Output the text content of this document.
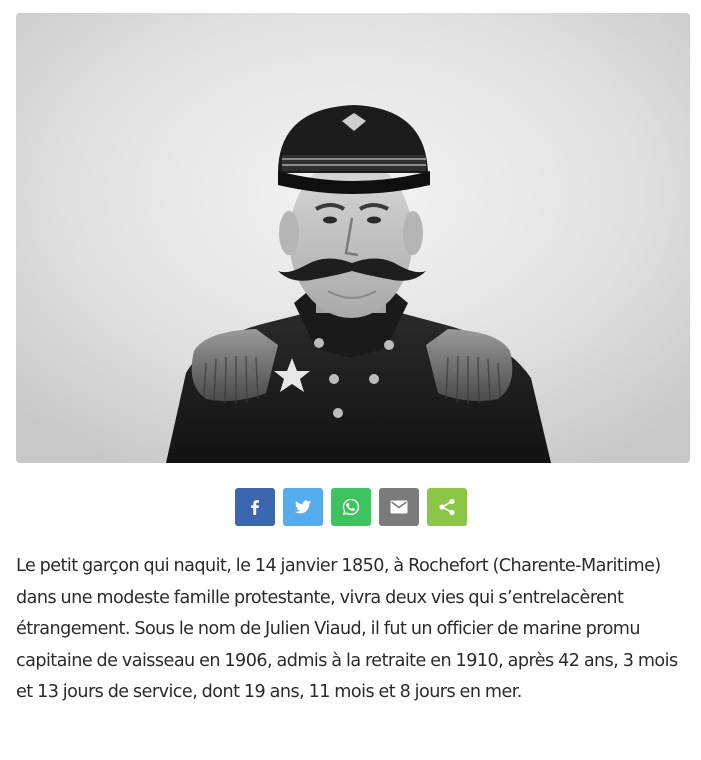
Le petit garçon qui naquit, le 14 janvier 1850, à Rochefort (Charente-Maritime) dans une modeste famille protestante, vivra deux vies qui s’entrelacèrent étrangement. Sous le nom de Julien Viaud, il fut un officier de marine promu capitaine de vaisseau en 1906, admis à la retraite en 1910, après 42 ans, 3 mois et 13 jours de service, dont 19 ans, 11 mois et 8 jours en mer.
